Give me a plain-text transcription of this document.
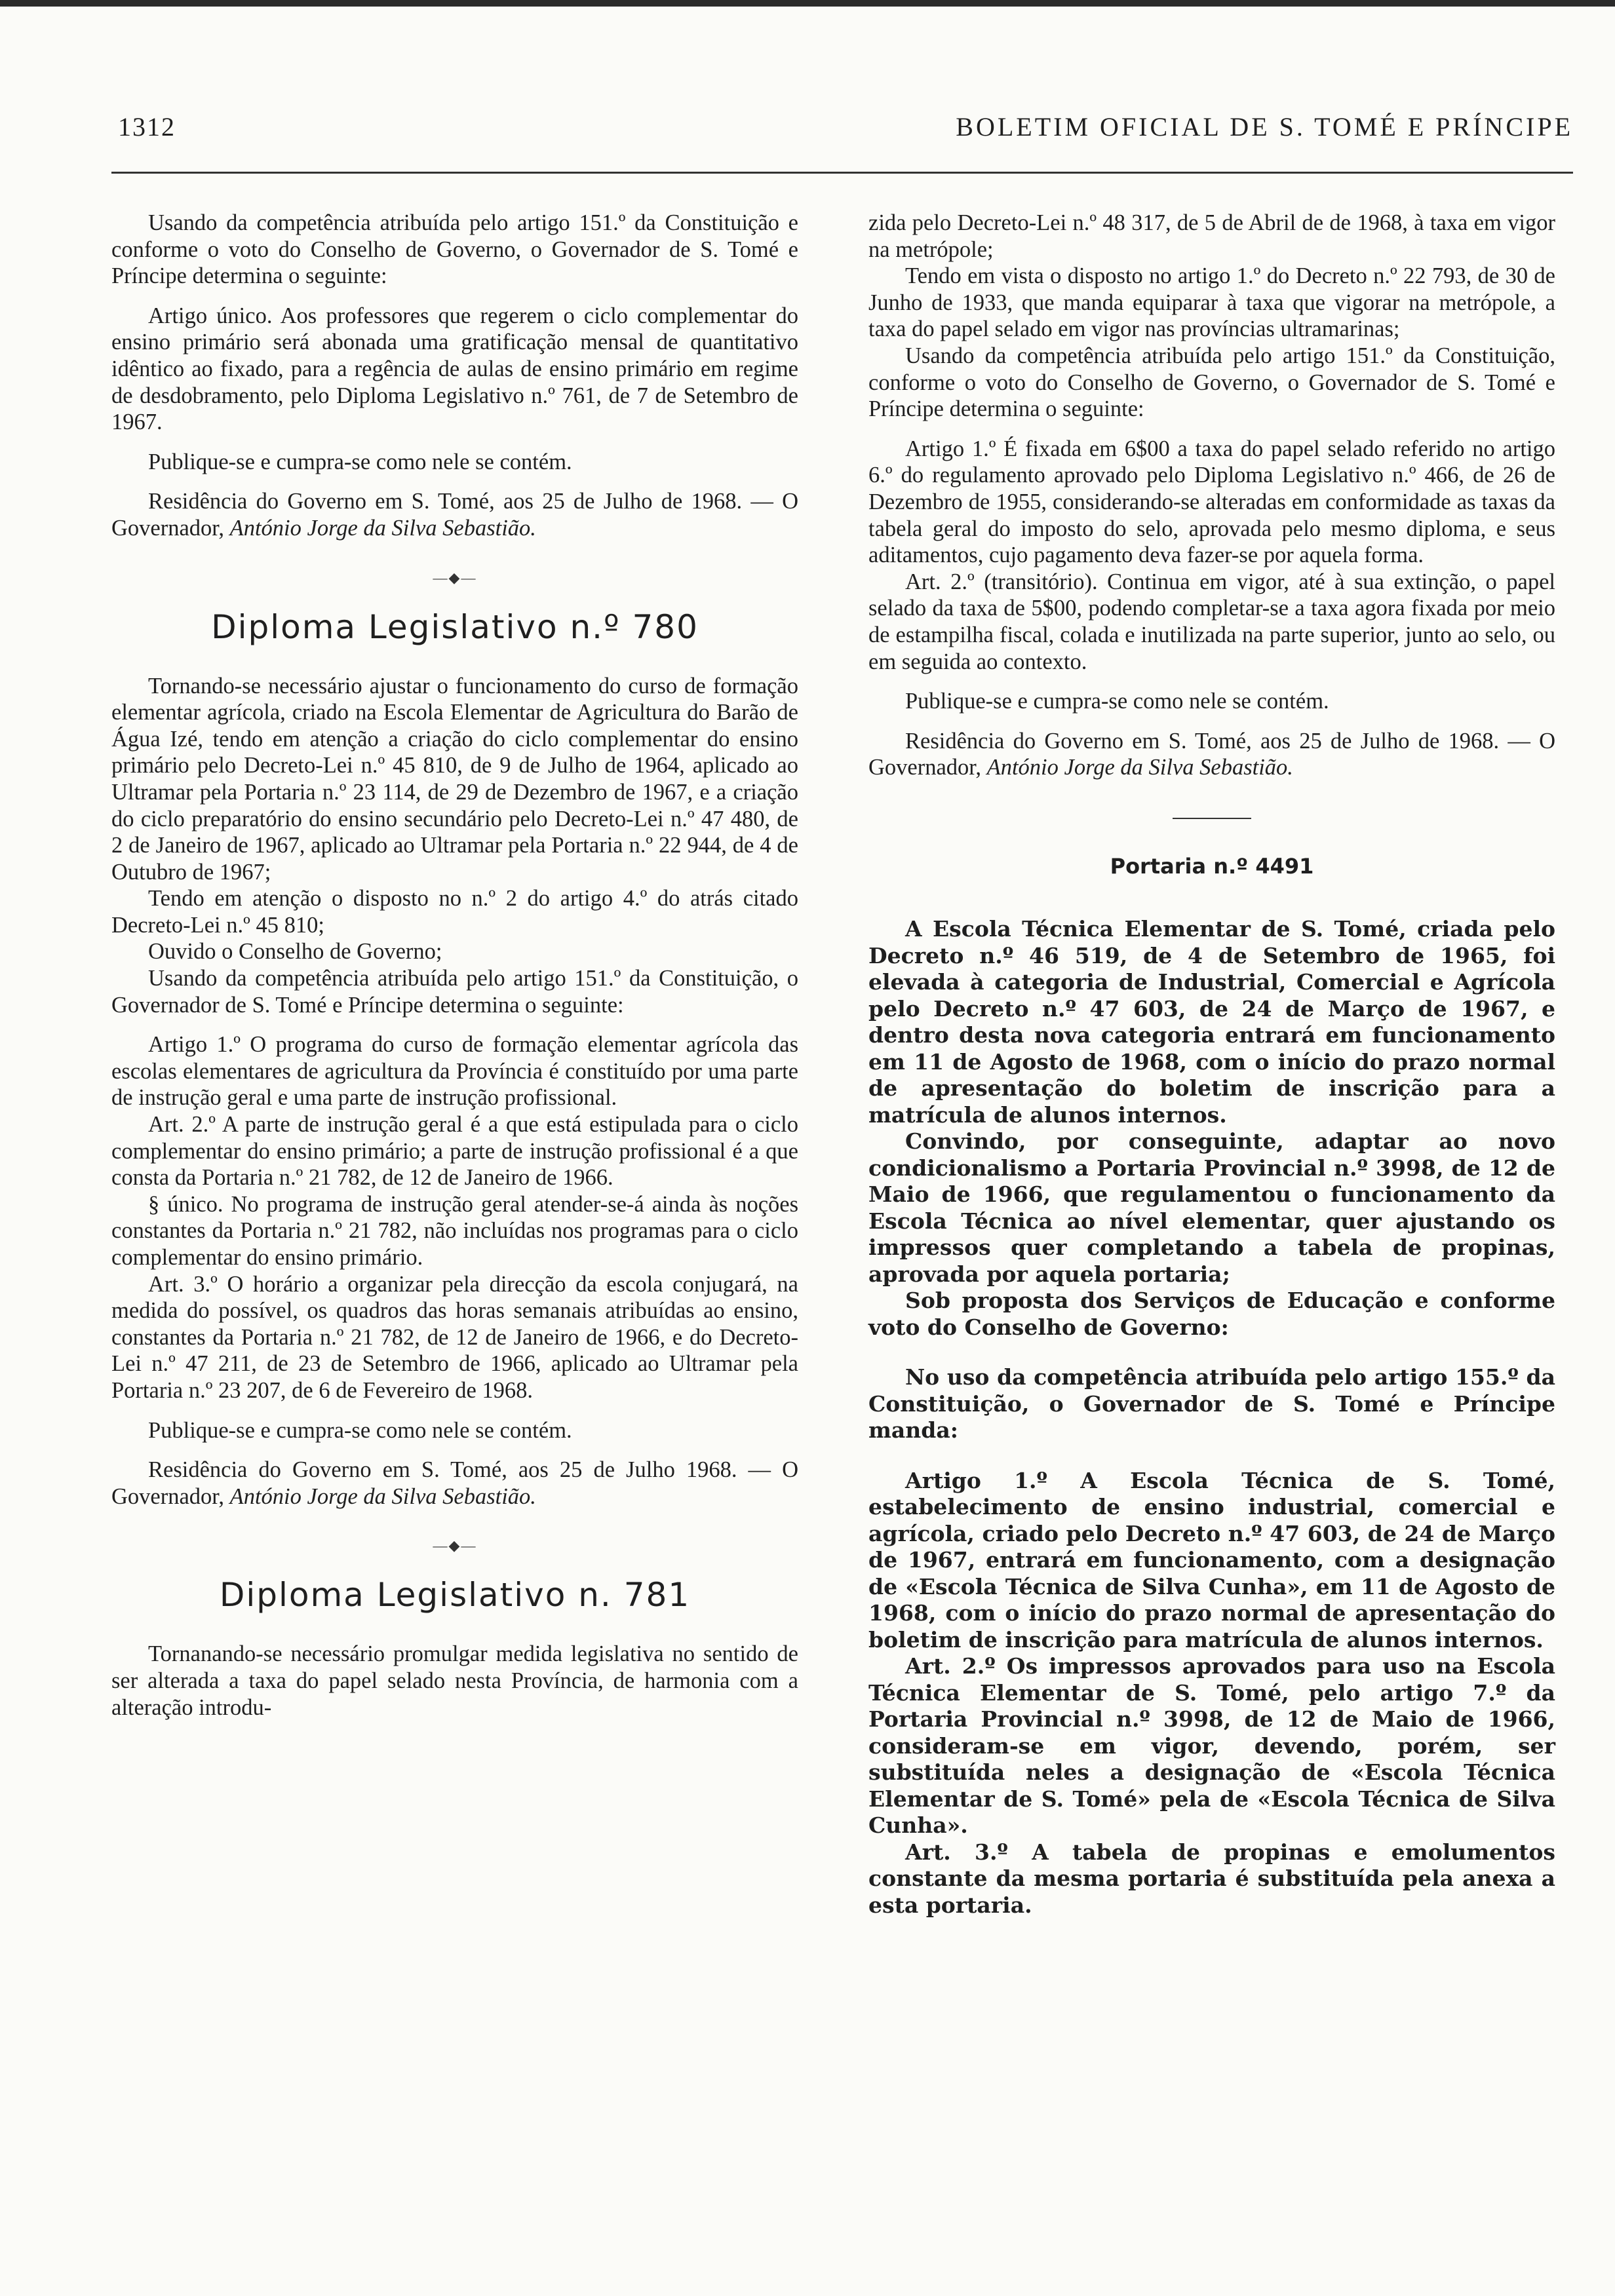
1312	BOLETIM OFICIAL DE S. TOMÉ E PRÍNCIPE

Usando da competência atribuída pelo artigo 151.º da Constituição e conforme o voto do Conselho de Governo, o Governador de S. Tomé e Príncipe determina o seguinte:

Artigo único. Aos professores que regerem o ciclo complementar do ensino primário será abonada uma gratificação mensal de quantitativo idêntico ao fixado, para a regência de aulas de ensino primário em regime de desdobramento, pelo Diploma Legislativo n.º 761, de 7 de Setembro de 1967.

Publique-se e cumpra-se como nele se contém.

Residência do Governo em S. Tomé, aos 25 de Julho de 1968. — O Governador, António Jorge da Silva Sebastião.

—◆—

Diploma Legislativo n.º 780

Tornando-se necessário ajustar o funcionamento do curso de formação elementar agrícola, criado na Escola Elementar de Agricultura do Barão de Água Izé, tendo em atenção a criação do ciclo complementar do ensino primário pelo Decreto-Lei n.º 45 810, de 9 de Julho de 1964, aplicado ao Ultramar pela Portaria n.º 23 114, de 29 de Dezembro de 1967, e a criação do ciclo preparatório do ensino secundário pelo Decreto-Lei n.º 47 480, de 2 de Janeiro de 1967, aplicado ao Ultramar pela Portaria n.º 22 944, de 4 de Outubro de 1967;

Tendo em atenção o disposto no n.º 2 do artigo 4.º do atrás citado Decreto-Lei n.º 45 810;

Ouvido o Conselho de Governo;

Usando da competência atribuída pelo artigo 151.º da Constituição, o Governador de S. Tomé e Príncipe determina o seguinte:

Artigo 1.º O programa do curso de formação elementar agrícola das escolas elementares de agricultura da Província é constituído por uma parte de instrução geral e uma parte de instrução profissional.

Art. 2.º A parte de instrução geral é a que está estipulada para o ciclo complementar do ensino primário; a parte de instrução profissional é a que consta da Portaria n.º 21 782, de 12 de Janeiro de 1966.

§ único. No programa de instrução geral atender-se-á ainda às noções constantes da Portaria n.º 21 782, não incluídas nos programas para o ciclo complementar do ensino primário.

Art. 3.º O horário a organizar pela direcção da escola conjugará, na medida do possível, os quadros das horas semanais atribuídas ao ensino, constantes da Portaria n.º 21 782, de 12 de Janeiro de 1966, e do Decreto-Lei n.º 47 211, de 23 de Setembro de 1966, aplicado ao Ultramar pela Portaria n.º 23 207, de 6 de Fevereiro de 1968.

Publique-se e cumpra-se como nele se contém.

Residência do Governo em S. Tomé, aos 25 de Julho 1968. — O Governador, António Jorge da Silva Sebastião.

—◆—

Diploma Legislativo n. 781

Tornanando-se necessário promulgar medida legislativa no sentido de ser alterada a taxa do papel selado nesta Província, de harmonia com a alteração introdu-

zida pelo Decreto-Lei n.º 48 317, de 5 de Abril de de 1968, à taxa em vigor na metrópole;

Tendo em vista o disposto no artigo 1.º do Decreto n.º 22 793, de 30 de Junho de 1933, que manda equiparar à taxa que vigorar na metrópole, a taxa do papel selado em vigor nas províncias ultramarinas;

Usando da competência atribuída pelo artigo 151.º da Constituição, conforme o voto do Conselho de Governo, o Governador de S. Tomé e Príncipe determina o seguinte:

Artigo 1.º É fixada em 6$00 a taxa do papel selado referido no artigo 6.º do regulamento aprovado pelo Diploma Legislativo n.º 466, de 26 de Dezembro de 1955, considerando-se alteradas em conformidade as taxas da tabela geral do imposto do selo, aprovada pelo mesmo diploma, e seus aditamentos, cujo pagamento deva fazer-se por aquela forma.

Art. 2.º (transitório). Continua em vigor, até à sua extinção, o papel selado da taxa de 5$00, podendo completar-se a taxa agora fixada por meio de estampilha fiscal, colada e inutilizada na parte superior, junto ao selo, ou em seguida ao contexto.

Publique-se e cumpra-se como nele se contém.

Residência do Governo em S. Tomé, aos 25 de Julho de 1968. — O Governador, António Jorge da Silva Sebastião.

Portaria n.º 4491

A Escola Técnica Elementar de S. Tomé, criada pelo Decreto n.º 46 519, de 4 de Setembro de 1965, foi elevada à categoria de Industrial, Comercial e Agrícola pelo Decreto n.º 47 603, de 24 de Março de 1967, e dentro desta nova categoria entrará em funcionamento em 11 de Agosto de 1968, com o início do prazo normal de apresentação do boletim de inscrição para a matrícula de alunos internos.

Convindo, por conseguinte, adaptar ao novo condicionalismo a Portaria Provincial n.º 3998, de 12 de Maio de 1966, que regulamentou o funcionamento da Escola Técnica ao nível elementar, quer ajustando os impressos quer completando a tabela de propinas, aprovada por aquela portaria;

Sob proposta dos Serviços de Educação e conforme voto do Conselho de Governo:

No uso da competência atribuída pelo artigo 155.º da Constituição, o Governador de S. Tomé e Príncipe manda:

Artigo 1.º A Escola Técnica de S. Tomé, estabelecimento de ensino industrial, comercial e agrícola, criado pelo Decreto n.º 47 603, de 24 de Março de 1967, entrará em funcionamento, com a designação de «Escola Técnica de Silva Cunha», em 11 de Agosto de 1968, com o início do prazo normal de apresentação do boletim de inscrição para matrícula de alunos internos.

Art. 2.º Os impressos aprovados para uso na Escola Técnica Elementar de S. Tomé, pelo artigo 7.º da Portaria Provincial n.º 3998, de 12 de Maio de 1966, consideram-se em vigor, devendo, porém, ser substituída neles a designação de «Escola Técnica Elementar de S. Tomé» pela de «Escola Técnica de Silva Cunha».

Art. 3.º A tabela de propinas e emolumentos constante da mesma portaria é substituída pela anexa a esta portaria.
